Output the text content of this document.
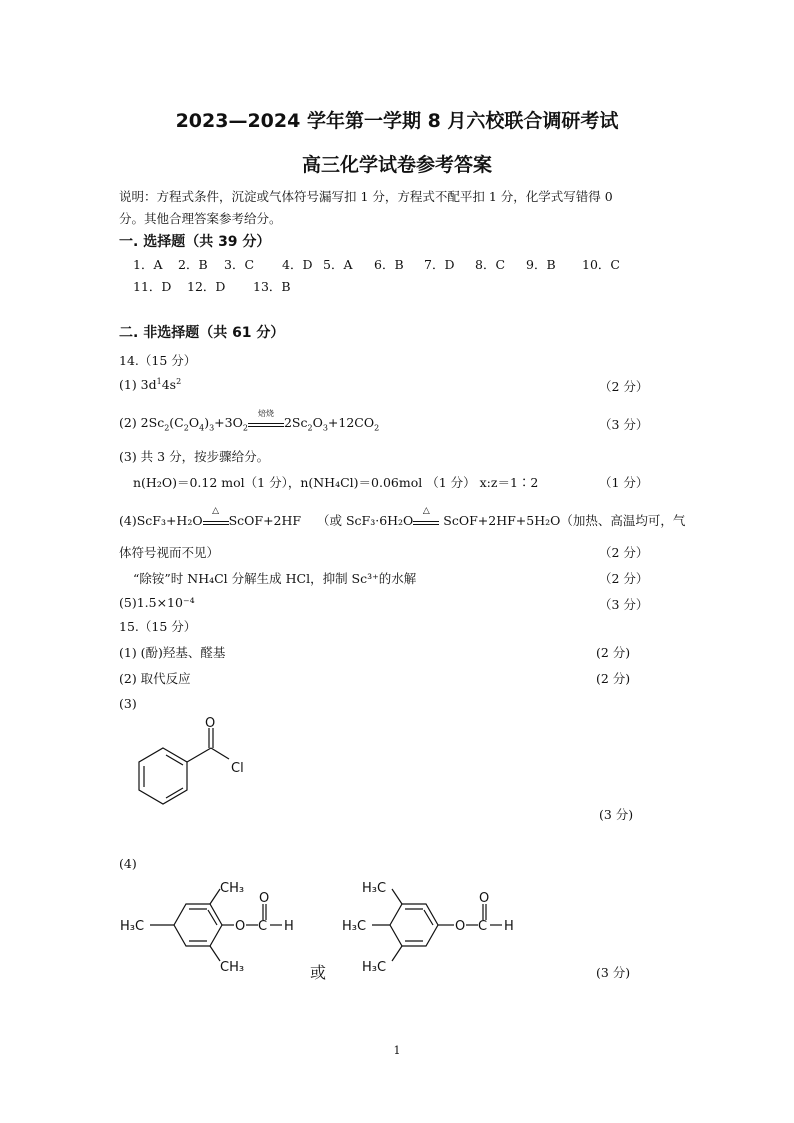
2023—2024 学年第一学期 8 月六校联合调研考试
高三化学试卷参考答案
说明：方程式条件，沉淀或气体符号漏写扣 1 分，方程式不配平扣 1 分，化学式写错得 0
分。其他合理答案参考给分。
一. 选择题（共 39 分）
1．A 2．B 3．C 4．D 5．A 6．B 7．D 8．C 9．B 10．C
11．D 12．D 13．B
二. 非选择题（共 61 分）
14.（15 分）
(1) $3d^14s^2$	（2 分）
(2) $2Sc_2(C_2O_4)_3+3O_2$
焙烧
$2Sc_2O_3+12CO_2$	（3 分）
(3) 共 3 分，按步骤给分。
n(H₂O)＝0.12 mol（1 分），n(NH₄Cl)＝0.06mol （1 分） x:z＝1∶2	（1 分）
(4)ScF₃+H₂O
△
ScOF+2HF （或 ScF₃·6H₂O
△
ScOF+2HF+5H₂O（加热、高温均可，气
体符号视而不见）	（2 分）
“除铵”时 NH₄Cl 分解生成 HCl，抑制 Sc³⁺的水解	（2 分）
(5)1.5×10⁻⁴	（3 分）
15.（15 分）
(1) (酚)羟基、醛基	(2 分)
(2) 取代反应	(2 分)
(3)
O
Cl
(3 分)
(4)
CH₃
CH₃
H₃C	O C
O
H
或
H₃C
H₃C
H₃C
O C
O
H
(3 分)
1
